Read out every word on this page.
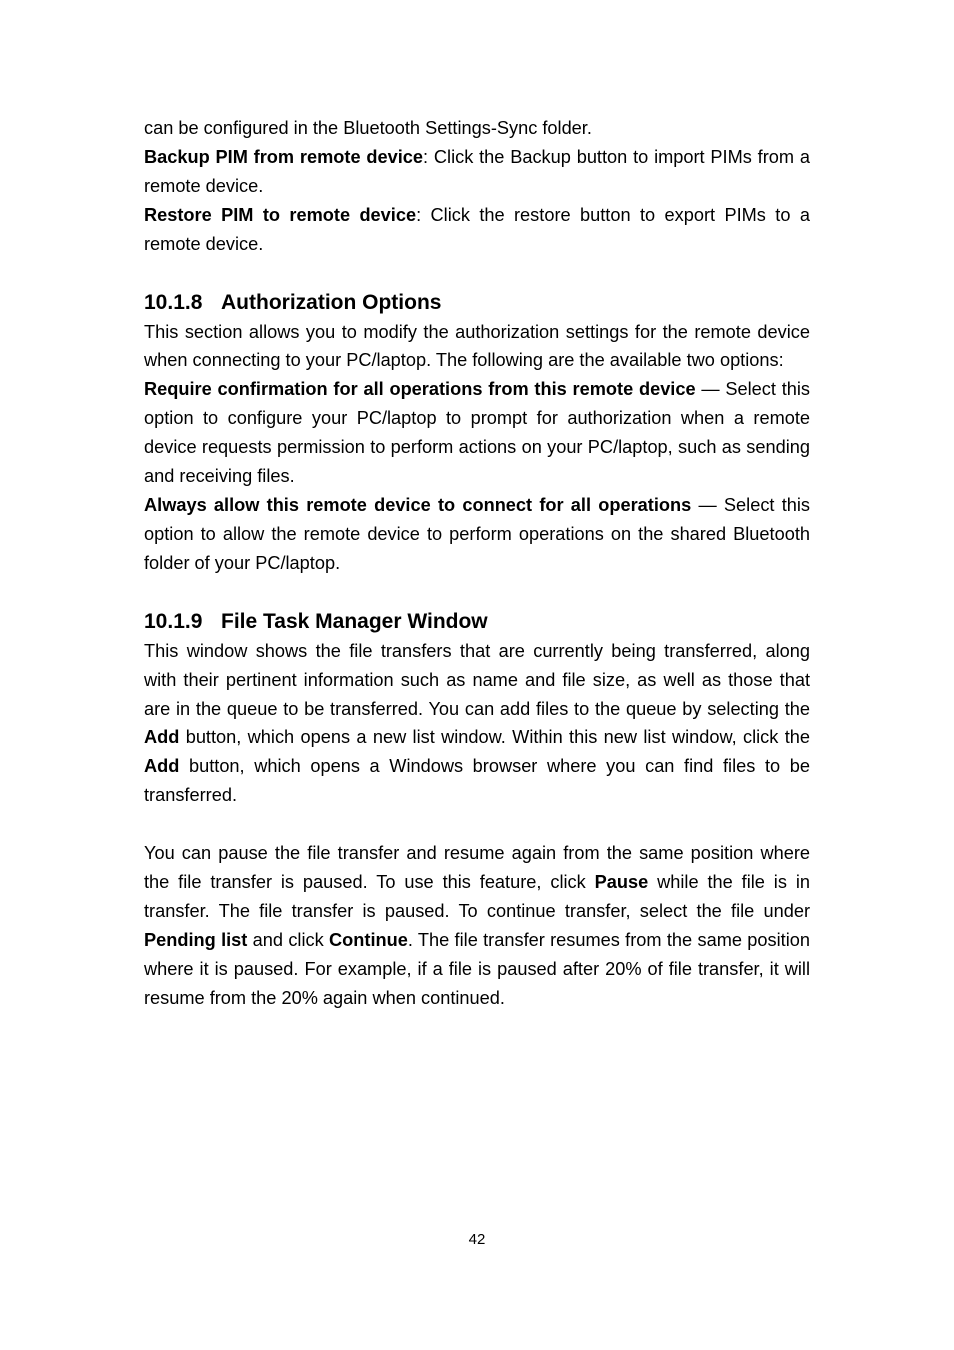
can be configured in the Bluetooth Settings-Sync folder.

Backup PIM from remote device: Click the Backup button to import PIMs from a remote device.

Restore PIM to remote device: Click the restore button to export PIMs to a remote device.

10.1.8 Authorization Options

This section allows you to modify the authorization settings for the remote device when connecting to your PC/laptop. The following are the available two options:

Require confirmation for all operations from this remote device — Select this option to configure your PC/laptop to prompt for authorization when a remote device requests permission to perform actions on your PC/laptop, such as sending and receiving files.

Always allow this remote device to connect for all operations — Select this option to allow the remote device to perform operations on the shared Bluetooth folder of your PC/laptop.

10.1.9 File Task Manager Window

This window shows the file transfers that are currently being transferred, along with their pertinent information such as name and file size, as well as those that are in the queue to be transferred. You can add files to the queue by selecting the Add button, which opens a new list window. Within this new list window, click the Add button, which opens a Windows browser where you can find files to be transferred.

You can pause the file transfer and resume again from the same position where the file transfer is paused. To use this feature, click Pause while the file is in transfer. The file transfer is paused. To continue transfer, select the file under Pending list and click Continue. The file transfer resumes from the same position where it is paused. For example, if a file is paused after 20% of file transfer, it will resume from the 20% again when continued.

42
